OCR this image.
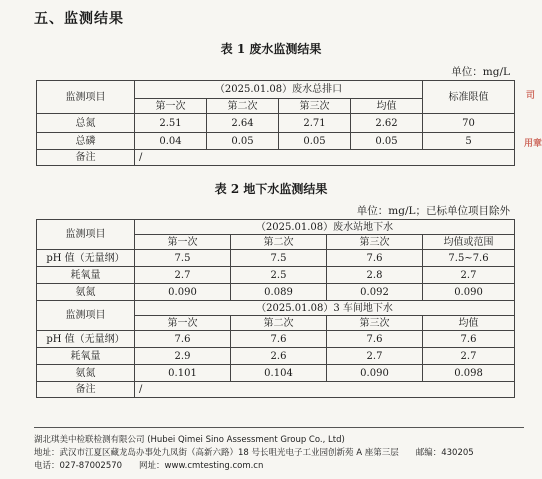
五、监测结果
表 1 废水监测结果
单位：mg/L
监测项目	（2025.01.08）废水总排口				标准限值
	第一次	第二次	第三次	均值	
总氮	2.51	2.64	2.71	2.62	70
总磷	0.04	0.05	0.05	0.05	5
备注	/				
表 2 地下水监测结果
单位：mg/L；已标单位项目除外
监测项目	（2025.01.08）废水站地下水			
	第一次	第二次	第三次	均值或范围
pH 值（无量纲）	7.5	7.5	7.6	7.5~7.6
耗氧量	2.7	2.5	2.8	2.7
氨氮	0.090	0.089	0.092	0.090
监测项目	（2025.01.08）3 车间地下水			
	第一次	第二次	第三次	均值
pH 值（无量纲）	7.6	7.6	7.6	7.6
耗氧量	2.9	2.6	2.7	2.7
氨氮	0.101	0.104	0.090	0.098
备注	/			
湖北琪美中检联检测有限公司 (Hubei Qimei Sino Assessment Group Co., Ltd)
地址：武汉市江夏区藏龙岛办事处九凤街（高新六路）18 号长咀光电子工业园创新苑 A 座第三层　　邮编：430205
电话：027-87002570　　网址：www.cmtesting.com.cn
司
用章
